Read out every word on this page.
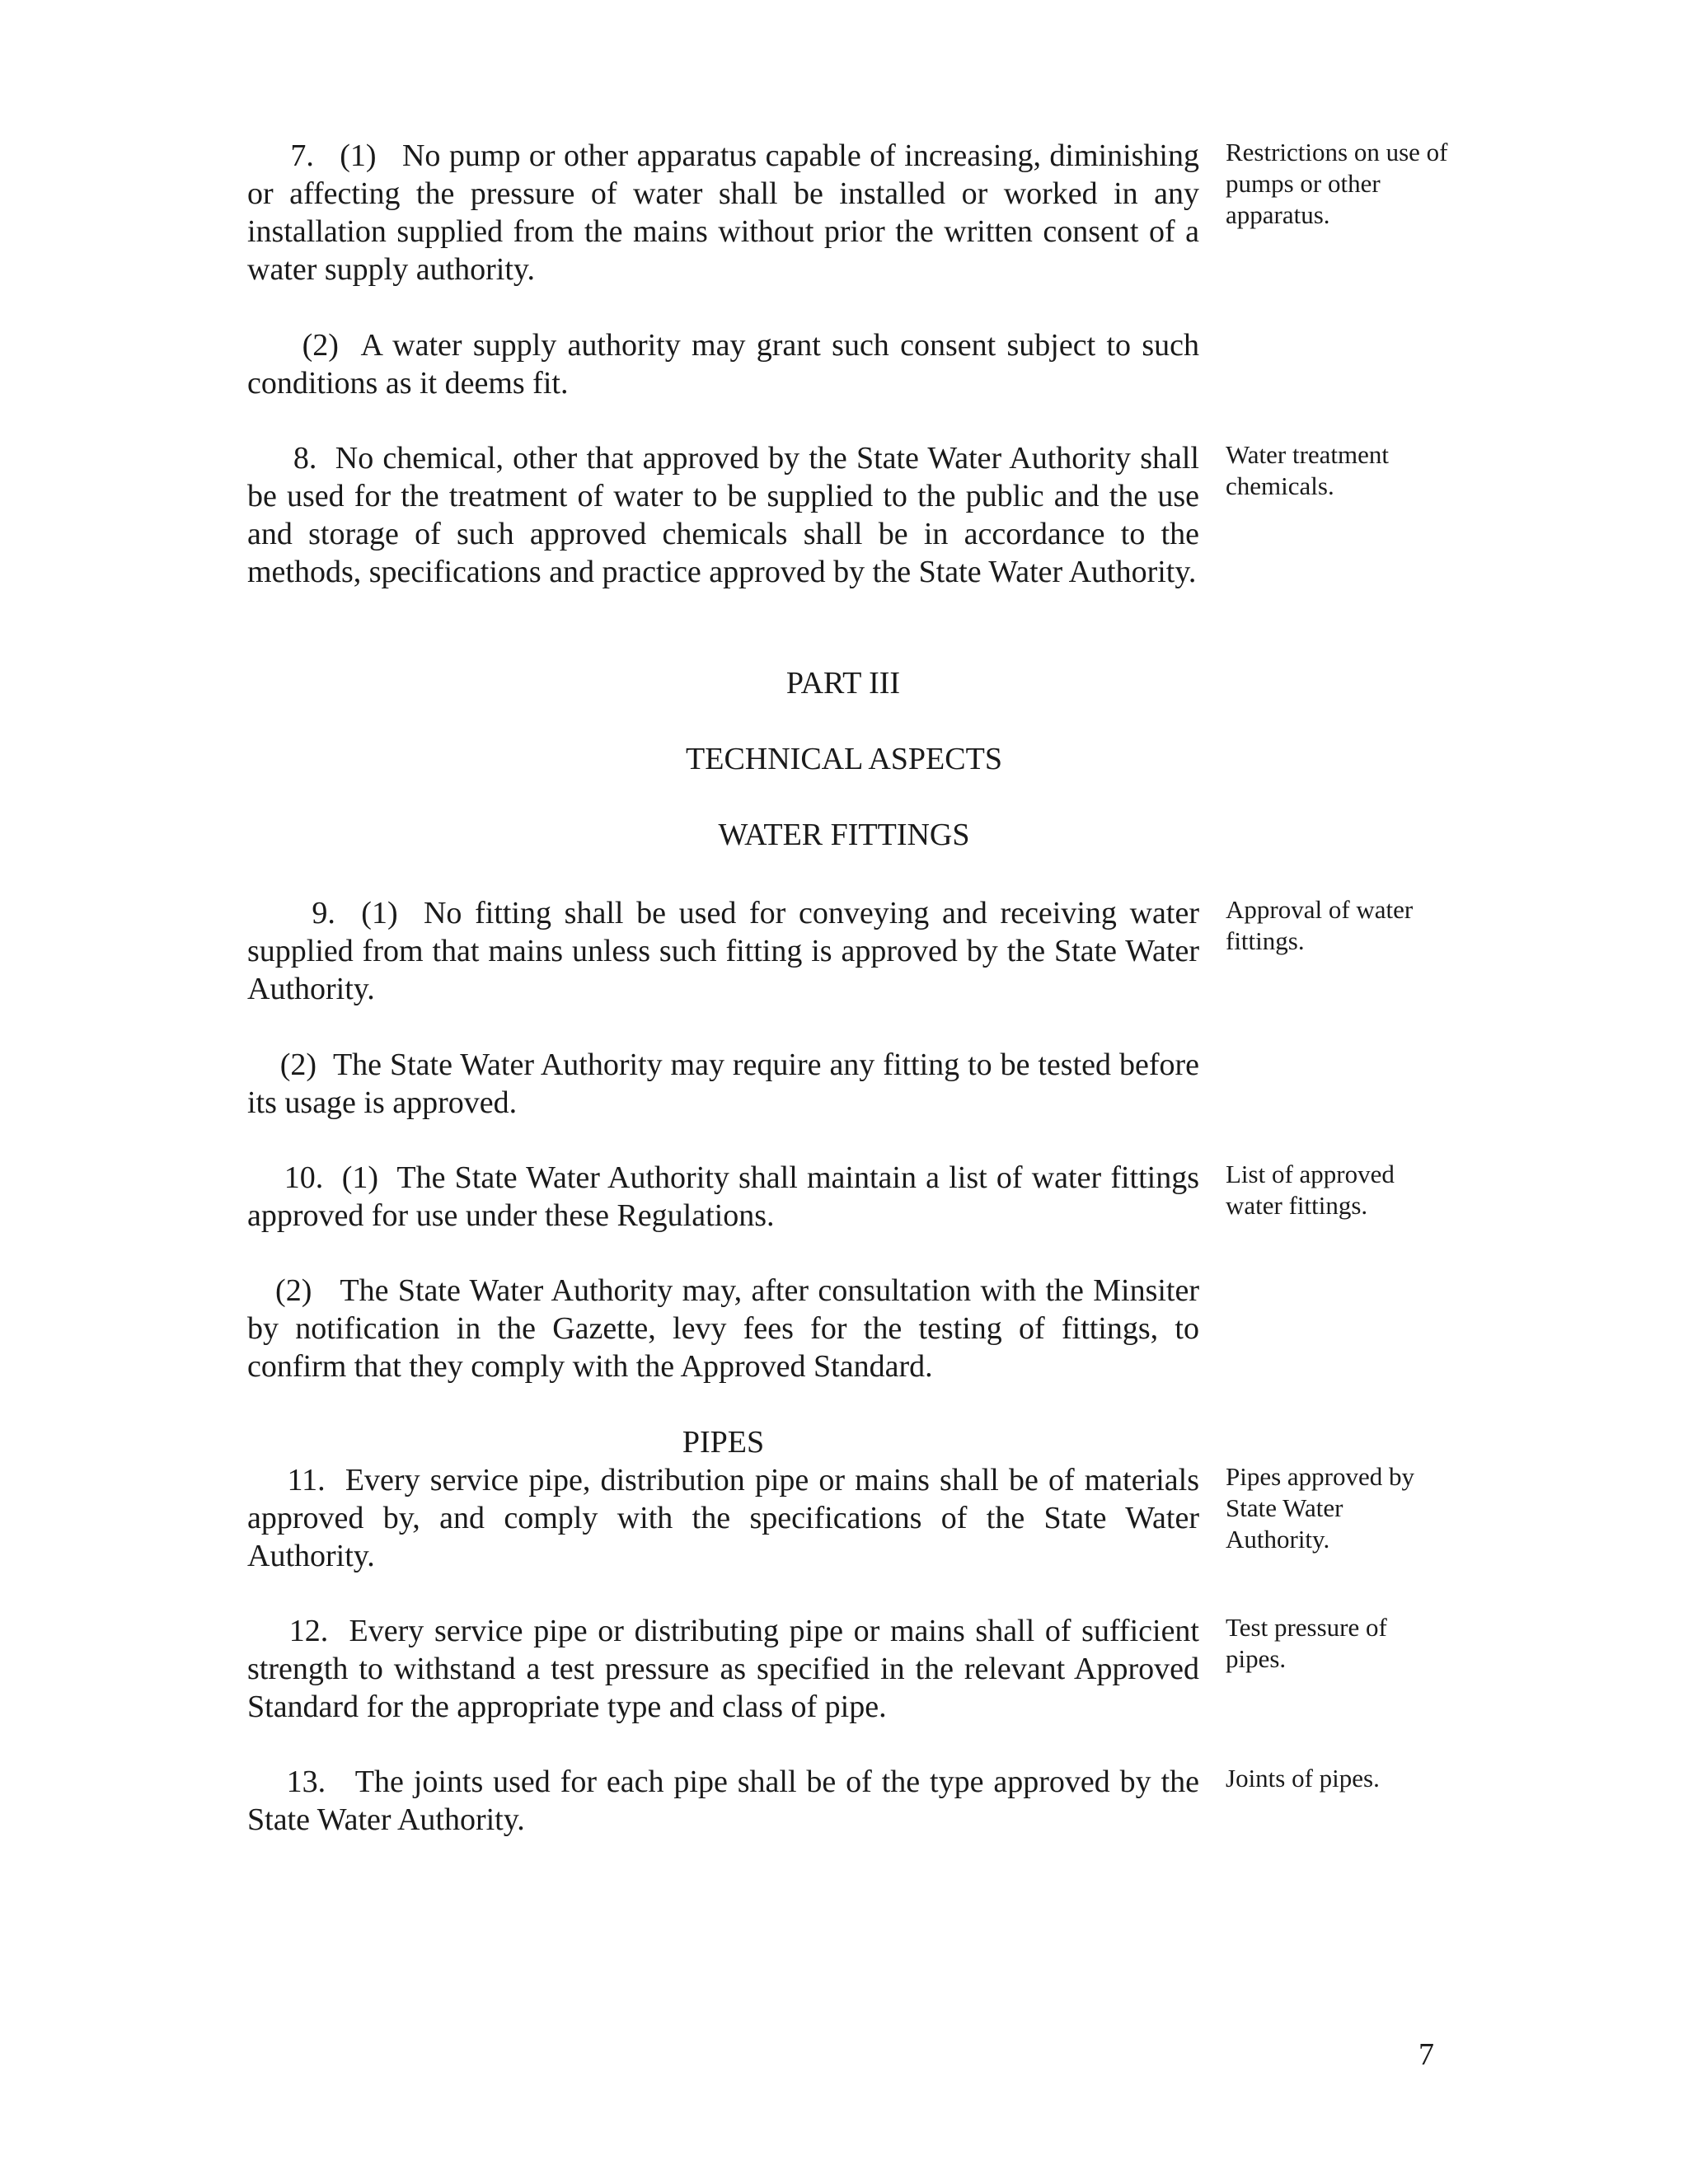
7.   (1)   No pump or other apparatus capable of increasing, diminishing or affecting the pressure of water shall be installed or worked in any installation supplied from the mains without prior the written consent of a water supply authority.

Restrictions on use of pumps or other apparatus.

(2)  A water supply authority may grant such consent subject to such conditions as it deems fit.

8.  No chemical, other that approved by the State Water Authority shall be used for the treatment of water to be supplied to the public and the use and storage of such approved chemicals shall be in accordance to the methods, specifications and practice approved by the State Water Authority.

Water treatment chemicals.

PART III

TECHNICAL ASPECTS

WATER FITTINGS

9.  (1)  No fitting shall be used for conveying and receiving water supplied from that mains unless such fitting is approved by the State Water Authority.

Approval of water fittings.

(2)  The State Water Authority may require any fitting to be tested before its usage is approved.

10.  (1)  The State Water Authority shall maintain a list of water fittings approved for use under these Regulations.

List of approved water fittings.

(2)   The State Water Authority may, after consultation with the Minsiter by notification in the Gazette, levy fees for the testing of fittings, to confirm that they comply with the Approved Standard.

PIPES

11.  Every service pipe, distribution pipe or mains shall be of materials approved by, and comply with the specifications of the State Water Authority.

Pipes approved by State Water Authority.

12.  Every service pipe or distributing pipe or mains shall of sufficient strength to withstand a test pressure as specified in the relevant Approved Standard for the appropriate type and class of pipe.

Test pressure of pipes.

13.   The joints used for each pipe shall be of the type approved by the State Water Authority.

Joints of pipes.

7
